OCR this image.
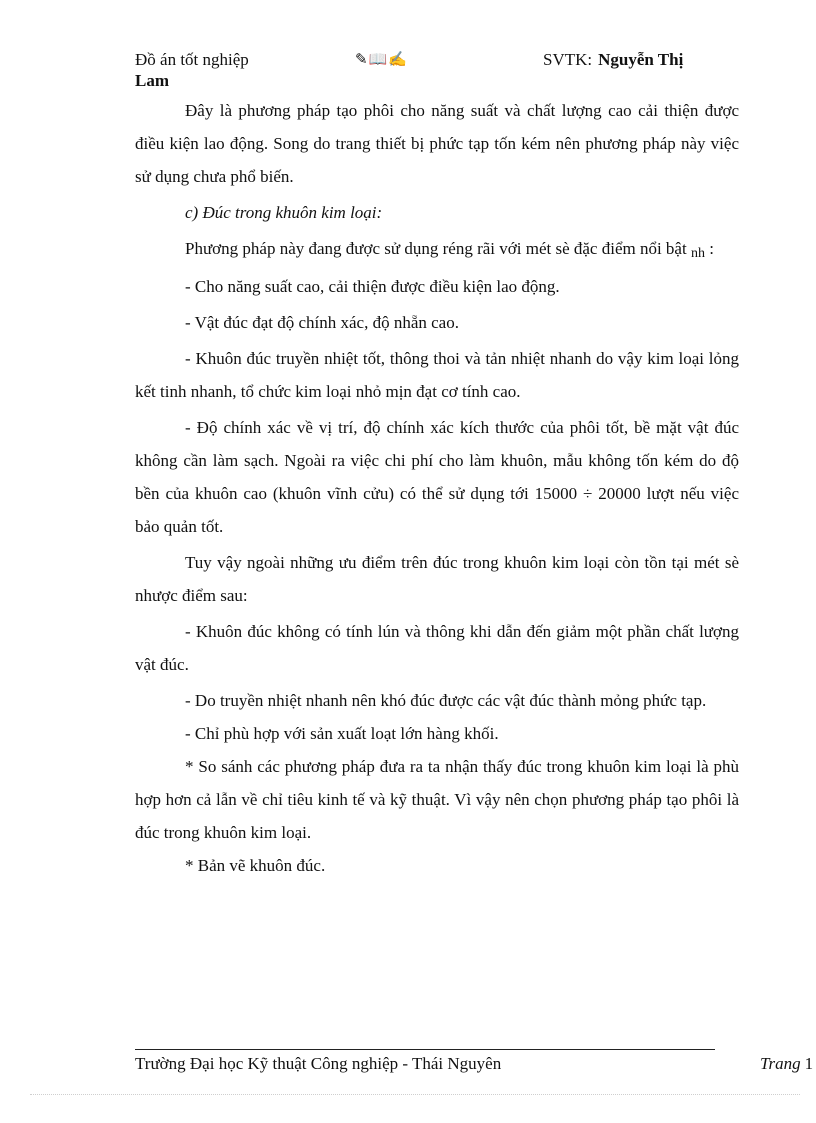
Đồ án tốt nghiệp	✎📖✍	SVTK: Nguyễn Thị
Lam

Đây là phương pháp tạo phôi cho năng suất và chất lượng cao cải thiện được điều kiện lao động. Song do trang thiết bị phức tạp tốn kém nên phương pháp này việc sử dụng chưa phổ biến.

c) Đúc trong khuôn kim loại:

Phương pháp này đang được sử dụng réng rãi với mét sè đặc điểm nổi bật nh :

- Cho năng suất cao, cải thiện được điều kiện lao động.

- Vật đúc đạt độ chính xác, độ nhẵn cao.

- Khuôn đúc truyền nhiệt tốt, thông thoi và tản nhiệt nhanh do vậy kim loại lỏng kết tinh nhanh, tổ chức kim loại nhỏ mịn đạt cơ tính cao.

- Độ chính xác về vị trí, độ chính xác kích thước của phôi tốt, bề mặt vật đúc không cần làm sạch. Ngoài ra việc chi phí cho làm khuôn, mẫu không tốn kém do độ bền của khuôn cao (khuôn vĩnh cửu) có thể sử dụng tới 15000 ÷ 20000 lượt nếu việc bảo quản tốt.

Tuy vậy ngoài những ưu điểm trên đúc trong khuôn kim loại còn tồn tại mét sè nhược điểm sau:

- Khuôn đúc không có tính lún và thông khi dẫn đến giảm một phần chất lượng vật đúc.

- Do truyền nhiệt nhanh nên khó đúc được các vật đúc thành mỏng phức tạp.

- Chỉ phù hợp với sản xuất loạt lớn hàng khối.

* So sánh các phương pháp đưa ra ta nhận thấy đúc trong khuôn kim loại là phù hợp hơn cả lẫn về chỉ tiêu kinh tế và kỹ thuật. Vì vậy nên chọn phương pháp tạo phôi là đúc trong khuôn kim loại.

* Bản vẽ khuôn đúc.

Trường Đại học Kỹ thuật Công nghiệp - Thái Nguyên	Trang 1
